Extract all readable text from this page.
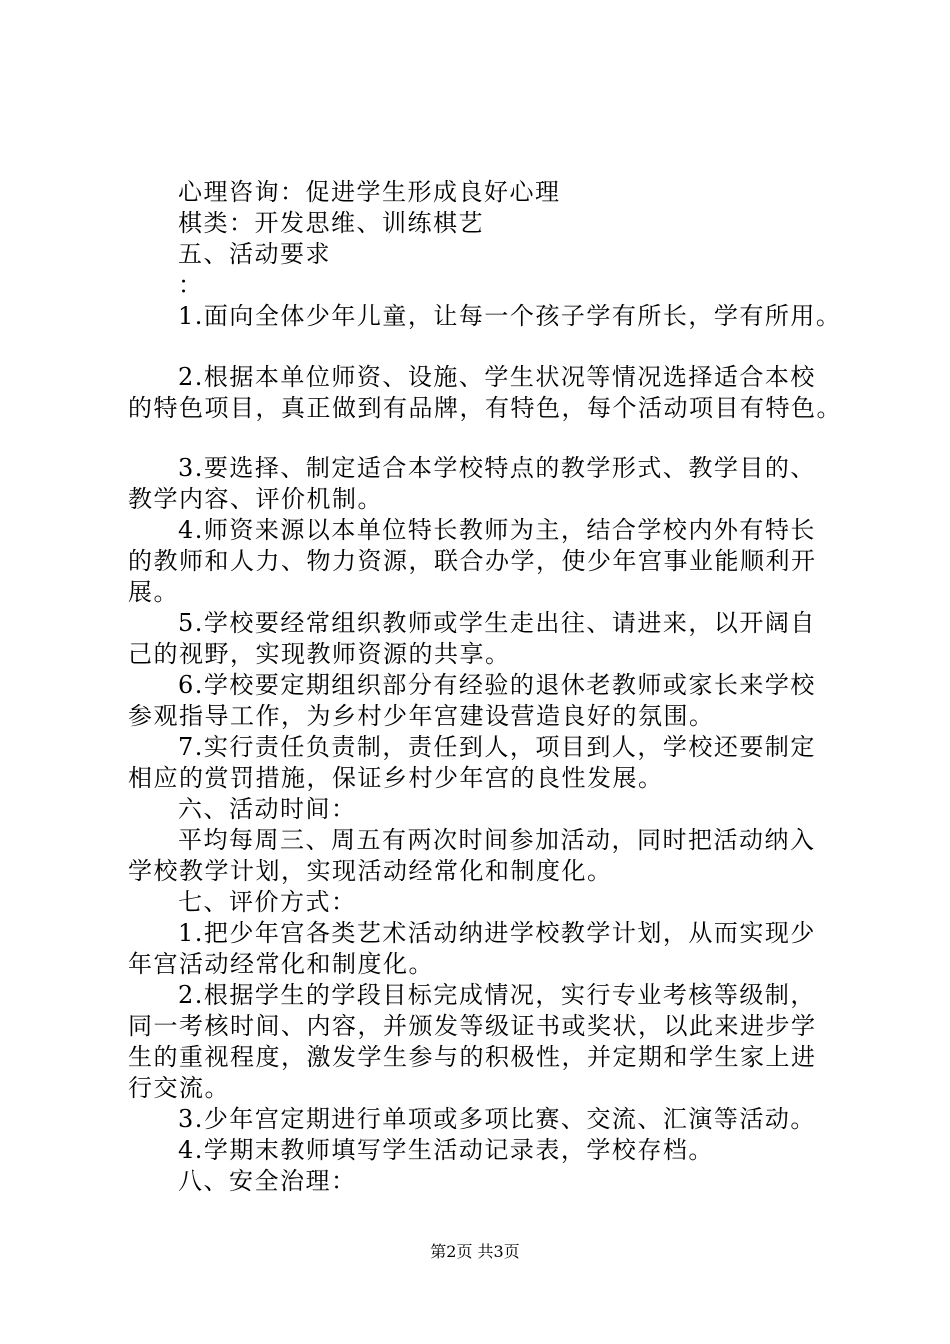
心理咨询：促进学生形成良好心理
棋类：开发思维、训练棋艺
五、活动要求
：
1.面向全体少年儿童，让每一个孩子学有所长，学有所用。
2.根据本单位师资、设施、学生状况等情况选择适合本校
的特色项目，真正做到有品牌，有特色，每个活动项目有特色。
3.要选择、制定适合本学校特点的教学形式、教学目的、
教学内容、评价机制。
4.师资来源以本单位特长教师为主，结合学校内外有特长
的教师和人力、物力资源，联合办学，使少年宫事业能顺利开
展。
5.学校要经常组织教师或学生走出往、请进来，以开阔自
己的视野，实现教师资源的共享。
6.学校要定期组织部分有经验的退休老教师或家长来学校
参观指导工作，为乡村少年宫建设营造良好的氛围。
7.实行责任负责制，责任到人，项目到人，学校还要制定
相应的赏罚措施，保证乡村少年宫的良性发展。
六、活动时间：
平均每周三、周五有两次时间参加活动，同时把活动纳入
学校教学计划，实现活动经常化和制度化。
七、评价方式：
1.把少年宫各类艺术活动纳进学校教学计划，从而实现少
年宫活动经常化和制度化。
2.根据学生的学段目标完成情况，实行专业考核等级制，
同一考核时间、内容，并颁发等级证书或奖状，以此来进步学
生的重视程度，激发学生参与的积极性，并定期和学生家上进
行交流。
3.少年宫定期进行单项或多项比赛、交流、汇演等活动。
4.学期末教师填写学生活动记录表，学校存档。
八、安全治理：
第2页 共3页
